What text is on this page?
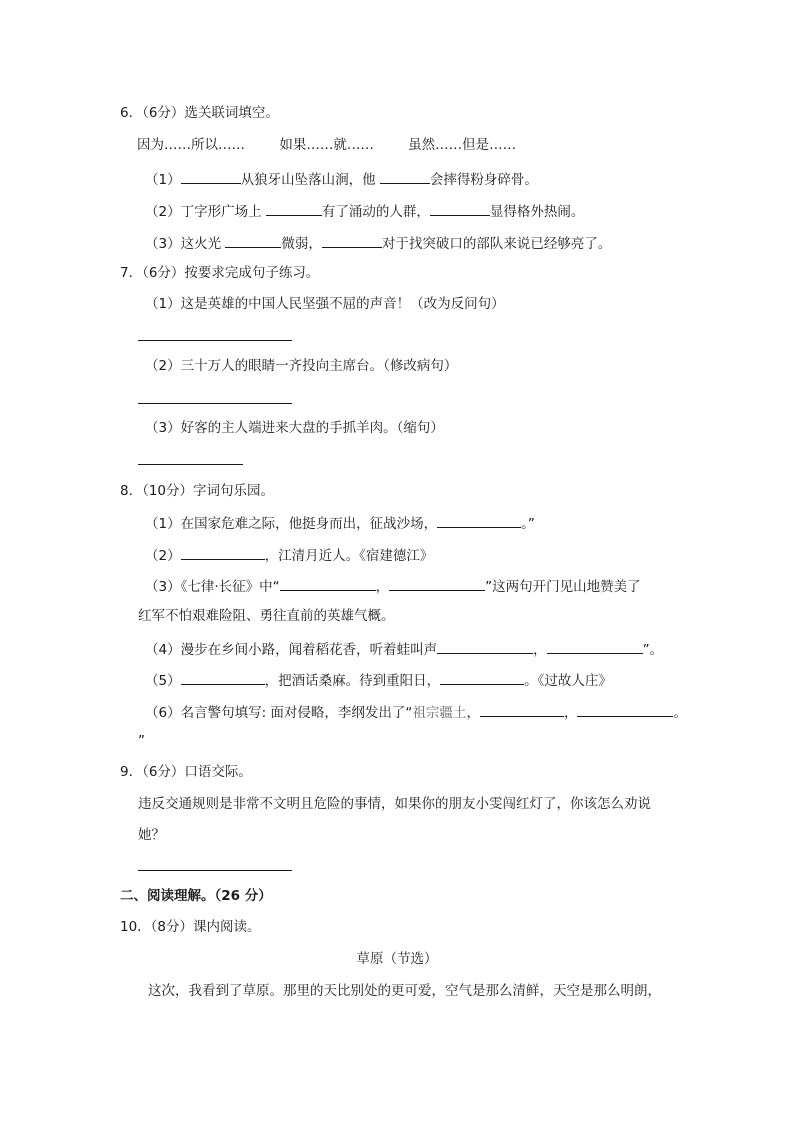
6．（6分）选关联词填空。
因为……所以……        如果……就……        虽然……但是……
（1）	从狼牙山坠落山涧，他	会摔得粉身碎骨。
（2）丁字形广场上	有了涌动的人群，	显得格外热闹。
（3）这火光	微弱，	对于找突破口的部队来说已经够亮了。
7．（6分）按要求完成句子练习。
（1）这是英雄的中国人民坚强不屈的声音！（改为反问句）
（2）三十万人的眼睛一齐投向主席台。（修改病句）
（3）好客的主人端进来大盘的手抓羊肉。（缩句）
8．（10分）字词句乐园。
（1）在国家危难之际，他挺身而出，征战沙场，	。”
（2）	，江清月近人。《宿建德江》
（3）《七律·长征》中“	，	”这两句开门见山地赞美了
红军不怕艰难险阻、勇往直前的英雄气概。
（4）漫步在乡间小路，闻着稻花香，听着蛙叫声	，	”。
（5）	，把酒话桑麻。待到重阳日，	。《过故人庄》
（6）名言警句填写: 面对侵略，李纲发出了“祖宗疆土，	，	。
”
9．（6分）口语交际。
违反交通规则是非常不文明且危险的事情，如果你的朋友小雯闯红灯了，你该怎么劝说
她？
二、阅读理解。（26 分）
10．（8分）课内阅读。
草原（节选）
这次，我看到了草原。那里的天比别处的更可爱，空气是那么清鲜，天空是那么明朗，
